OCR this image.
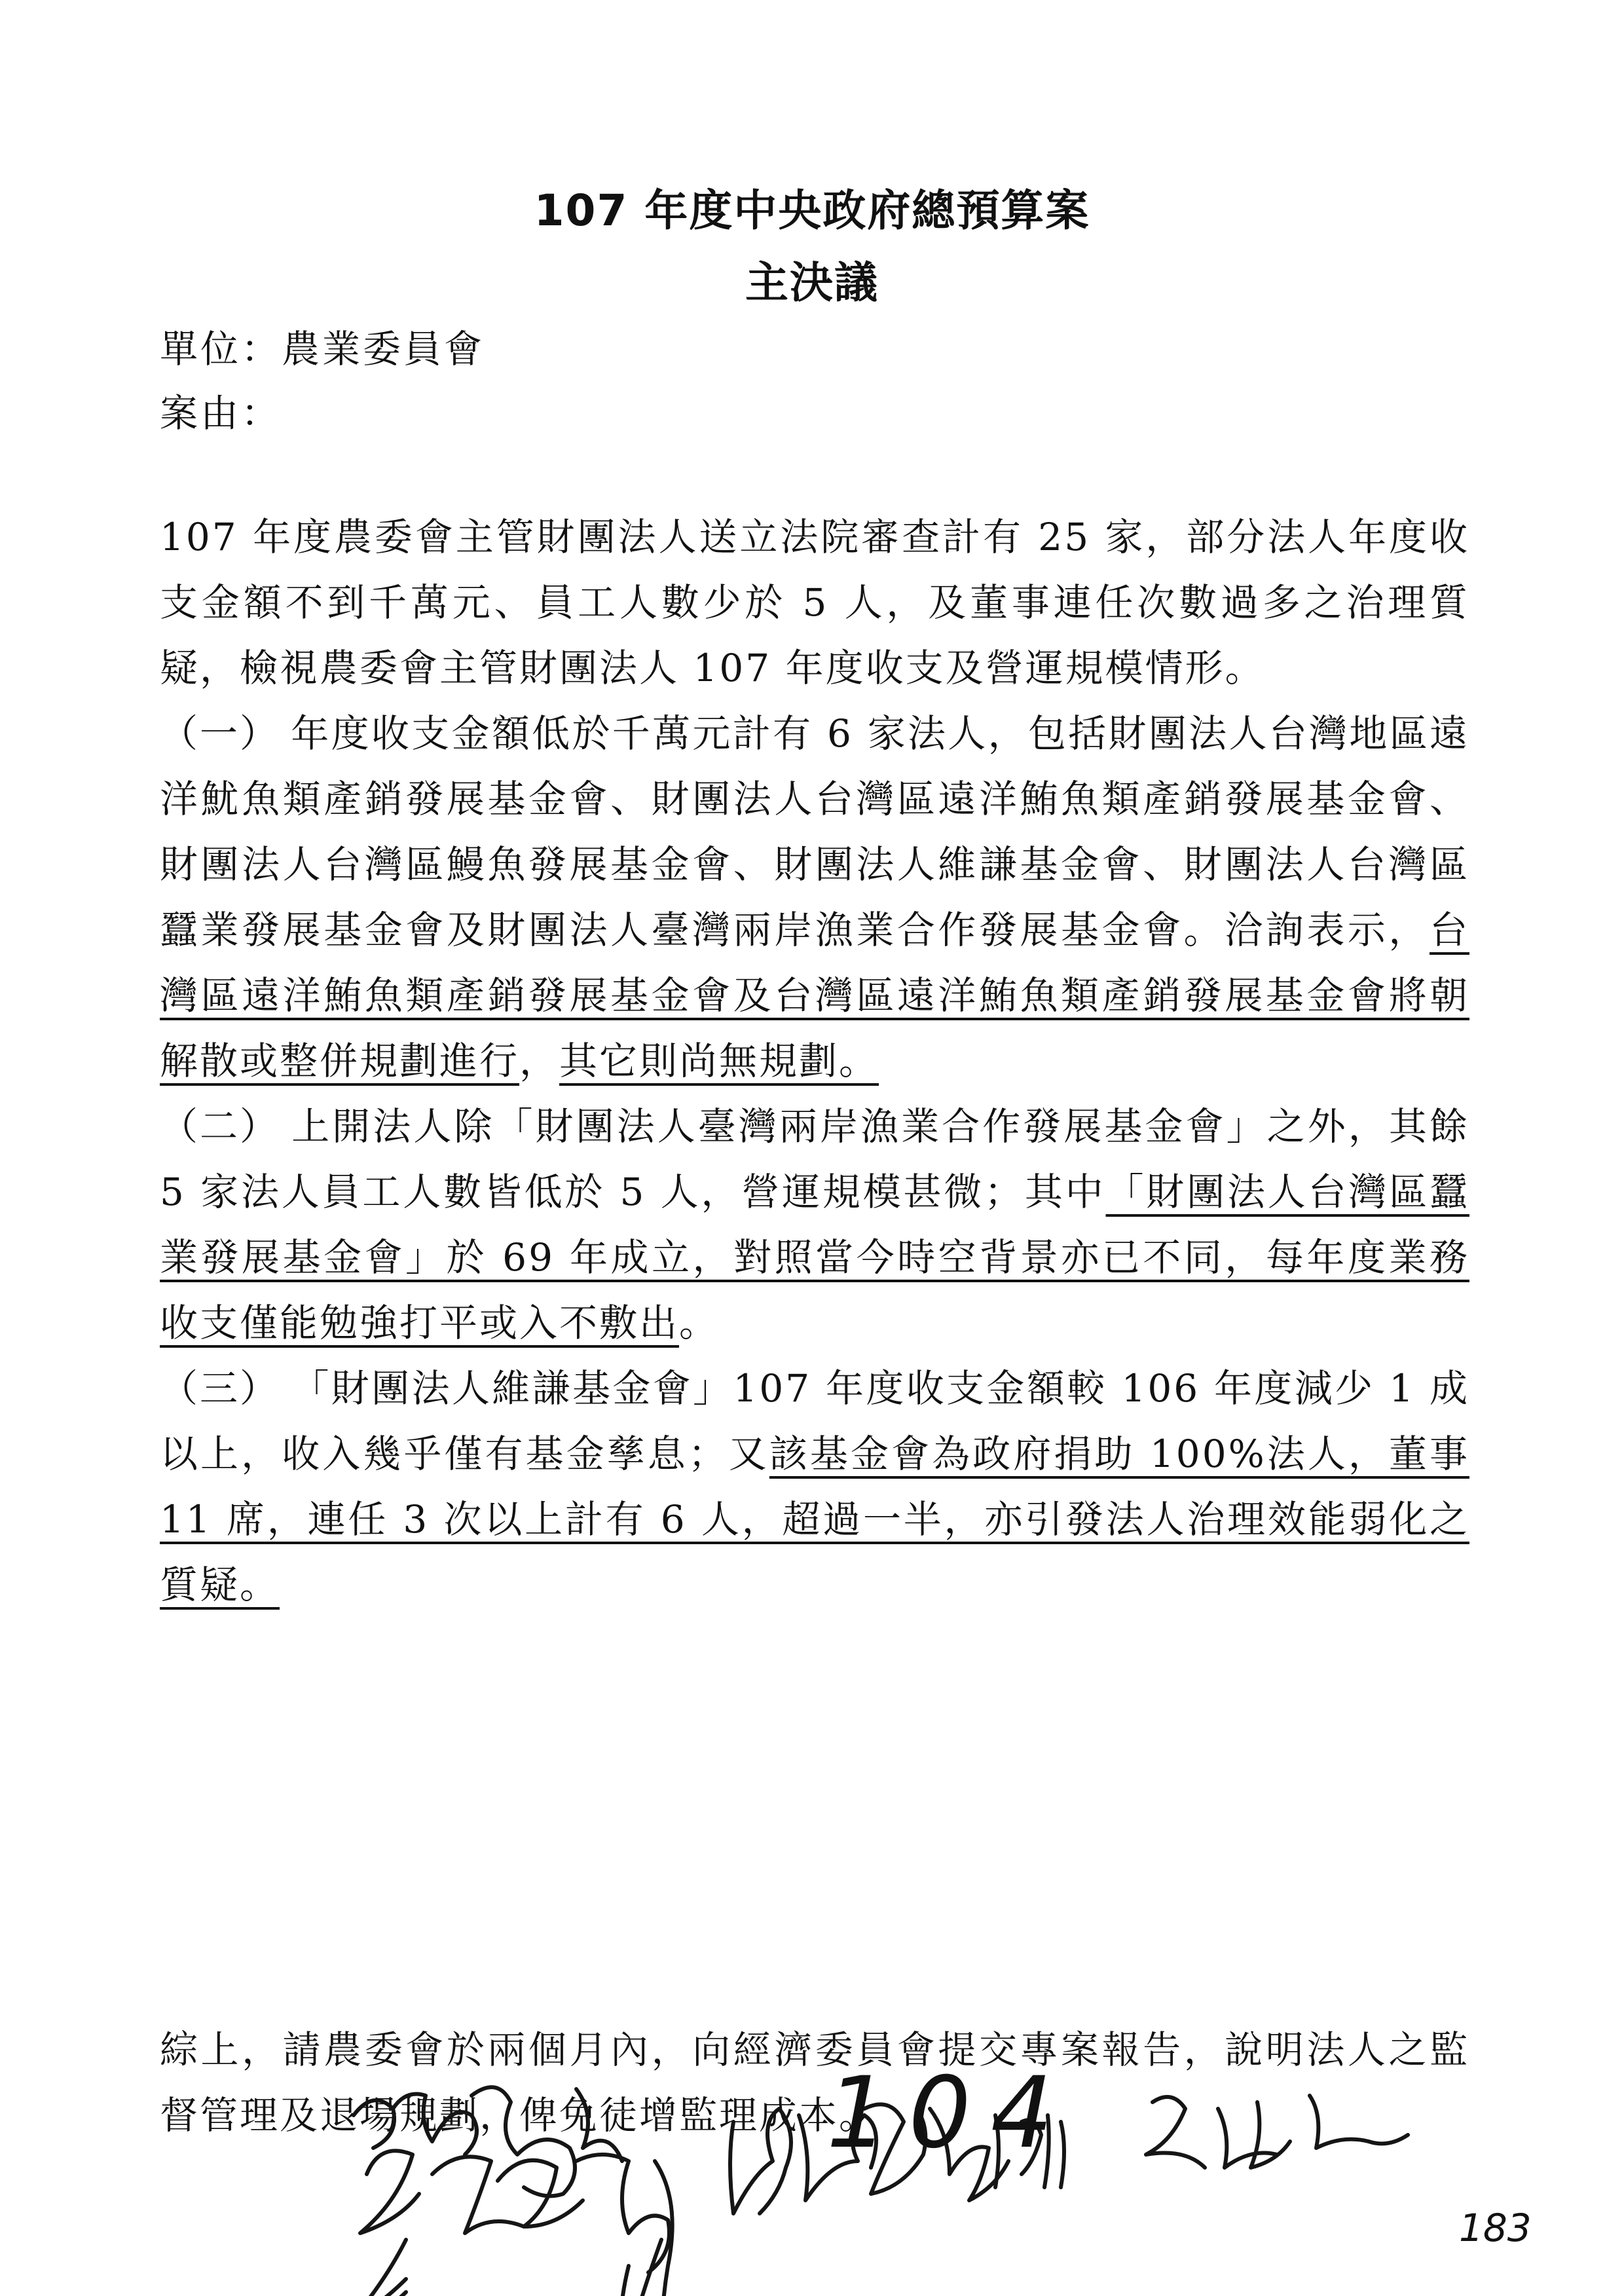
107 年度中央政府總預算案
主決議
單位：農業委員會
案由：

107 年度農委會主管財團法人送立法院審查計有 25 家，部分法人年度收支金額不到千萬元、員工人數少於 5 人，及董事連任次數過多之治理質疑，檢視農委會主管財團法人 107 年度收支及營運規模情形。

（一） 年度收支金額低於千萬元計有 6 家法人，包括財團法人台灣地區遠洋魷魚類產銷發展基金會、財團法人台灣區遠洋鮪魚類產銷發展基金會、財團法人台灣區鰻魚發展基金會、財團法人維謙基金會、財團法人台灣區蠶業發展基金會及財團法人臺灣兩岸漁業合作發展基金會。洽詢表示，台灣區遠洋鮪魚類產銷發展基金會及台灣區遠洋鮪魚類產銷發展基金會將朝解散或整併規劃進行，其它則尚無規劃。

（二） 上開法人除「財團法人臺灣兩岸漁業合作發展基金會」之外，其餘 5 家法人員工人數皆低於 5 人，營運規模甚微；其中「財團法人台灣區蠶業發展基金會」於 69 年成立，對照當今時空背景亦已不同，每年度業務收支僅能勉強打平或入不敷出。

（三） 「財團法人維謙基金會」107 年度收支金額較 106 年度減少 1 成以上，收入幾乎僅有基金孳息；又該基金會為政府捐助 100%法人，董事 11 席，連任 3 次以上計有 6 人，超過一半，亦引發法人治理效能弱化之質疑。

綜上，請農委會於兩個月內，向經濟委員會提交專案報告，說明法人之監督管理及退場規劃，俾免徒增監理成本。

104
183
